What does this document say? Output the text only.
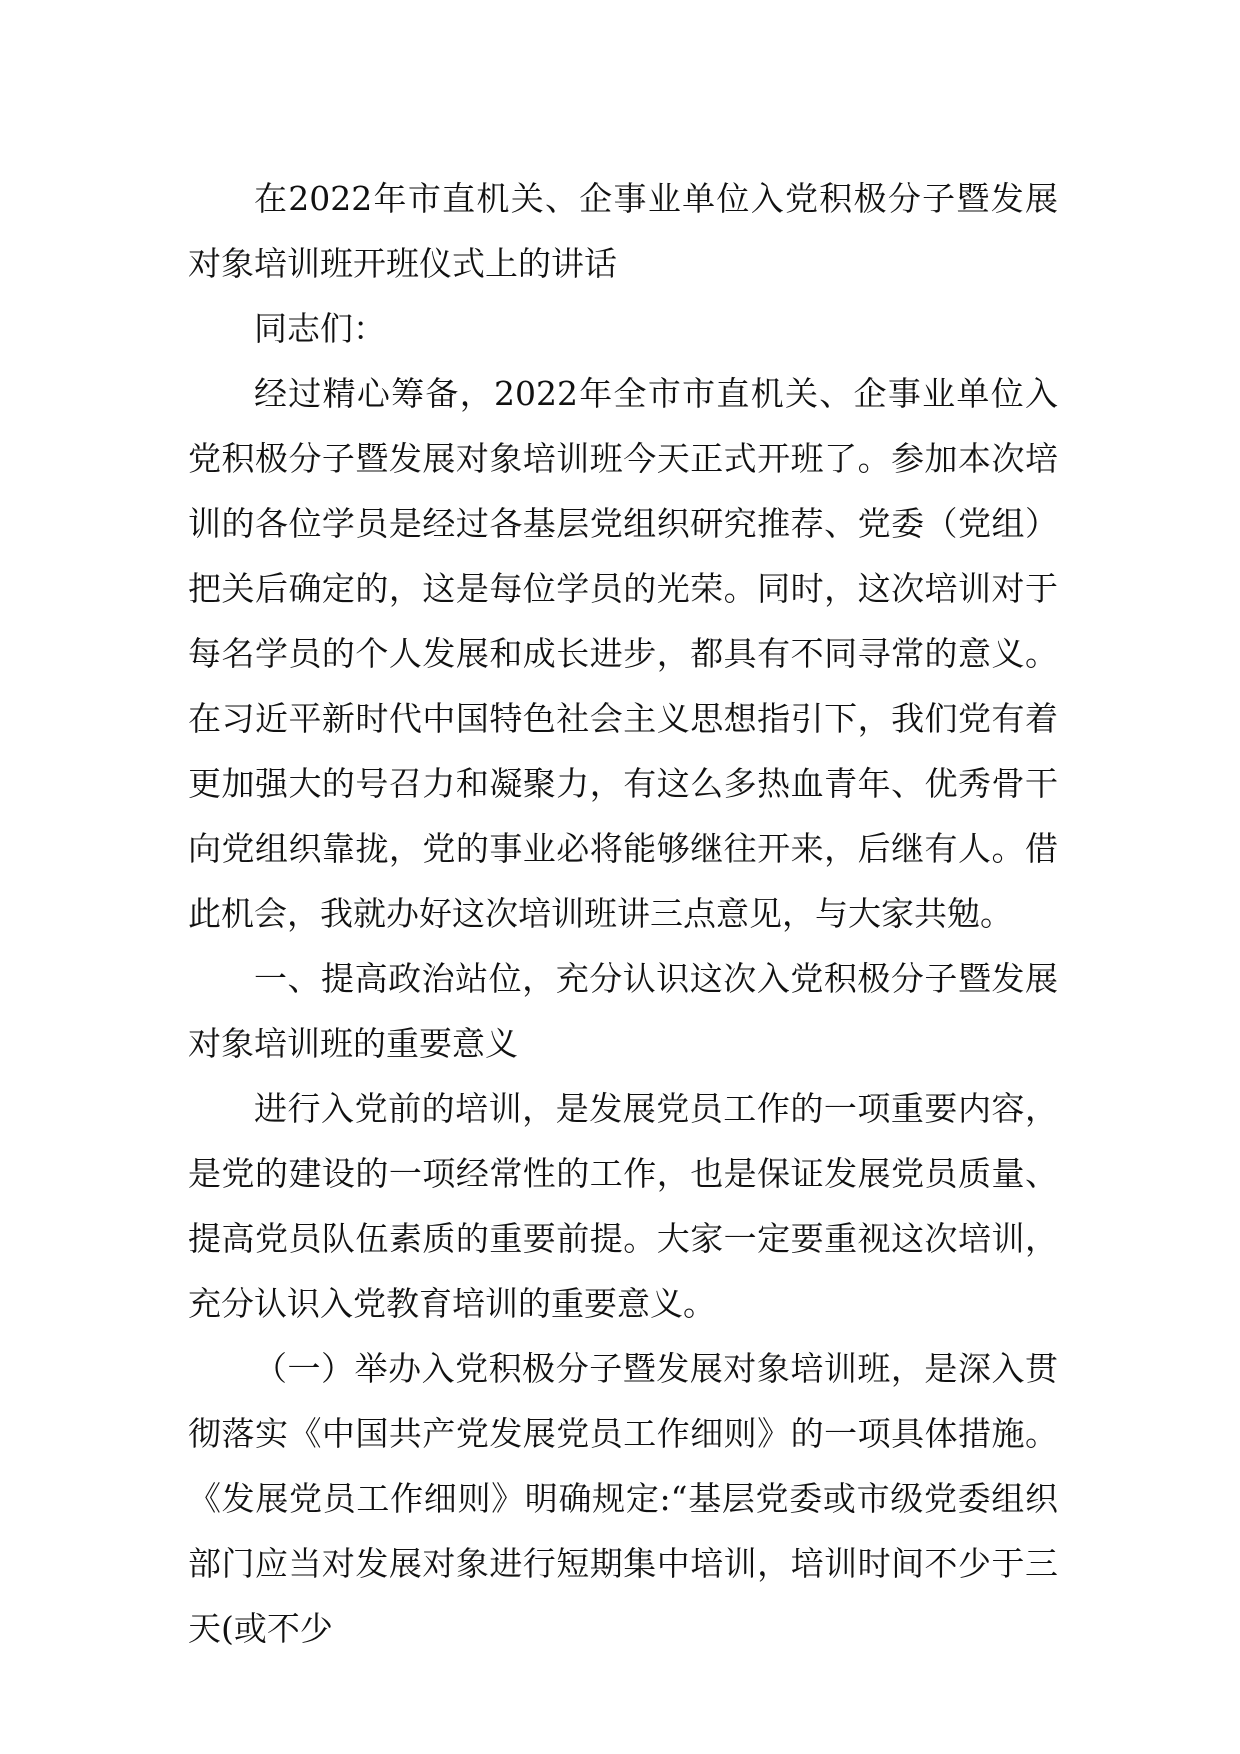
在2022年市直机关、企事业单位入党积极分子暨发展对象培训班开班仪式上的讲话

同志们：

经过精心筹备，2022年全市市直机关、企事业单位入党积极分子暨发展对象培训班今天正式开班了。参加本次培训的各位学员是经过各基层党组织研究推荐、党委（党组）把关后确定的，这是每位学员的光荣。同时，这次培训对于每名学员的个人发展和成长进步，都具有不同寻常的意义。在习近平新时代中国特色社会主义思想指引下，我们党有着更加强大的号召力和凝聚力，有这么多热血青年、优秀骨干向党组织靠拢，党的事业必将能够继往开来，后继有人。借此机会，我就办好这次培训班讲三点意见，与大家共勉。

一、提高政治站位，充分认识这次入党积极分子暨发展对象培训班的重要意义

进行入党前的培训，是发展党员工作的一项重要内容，是党的建设的一项经常性的工作，也是保证发展党员质量、提高党员队伍素质的重要前提。大家一定要重视这次培训，充分认识入党教育培训的重要意义。

（一）举办入党积极分子暨发展对象培训班，是深入贯彻落实《中国共产党发展党员工作细则》的一项具体措施。《发展党员工作细则》明确规定:“基层党委或市级党委组织部门应当对发展对象进行短期集中培训，培训时间不少于三天(或不少
